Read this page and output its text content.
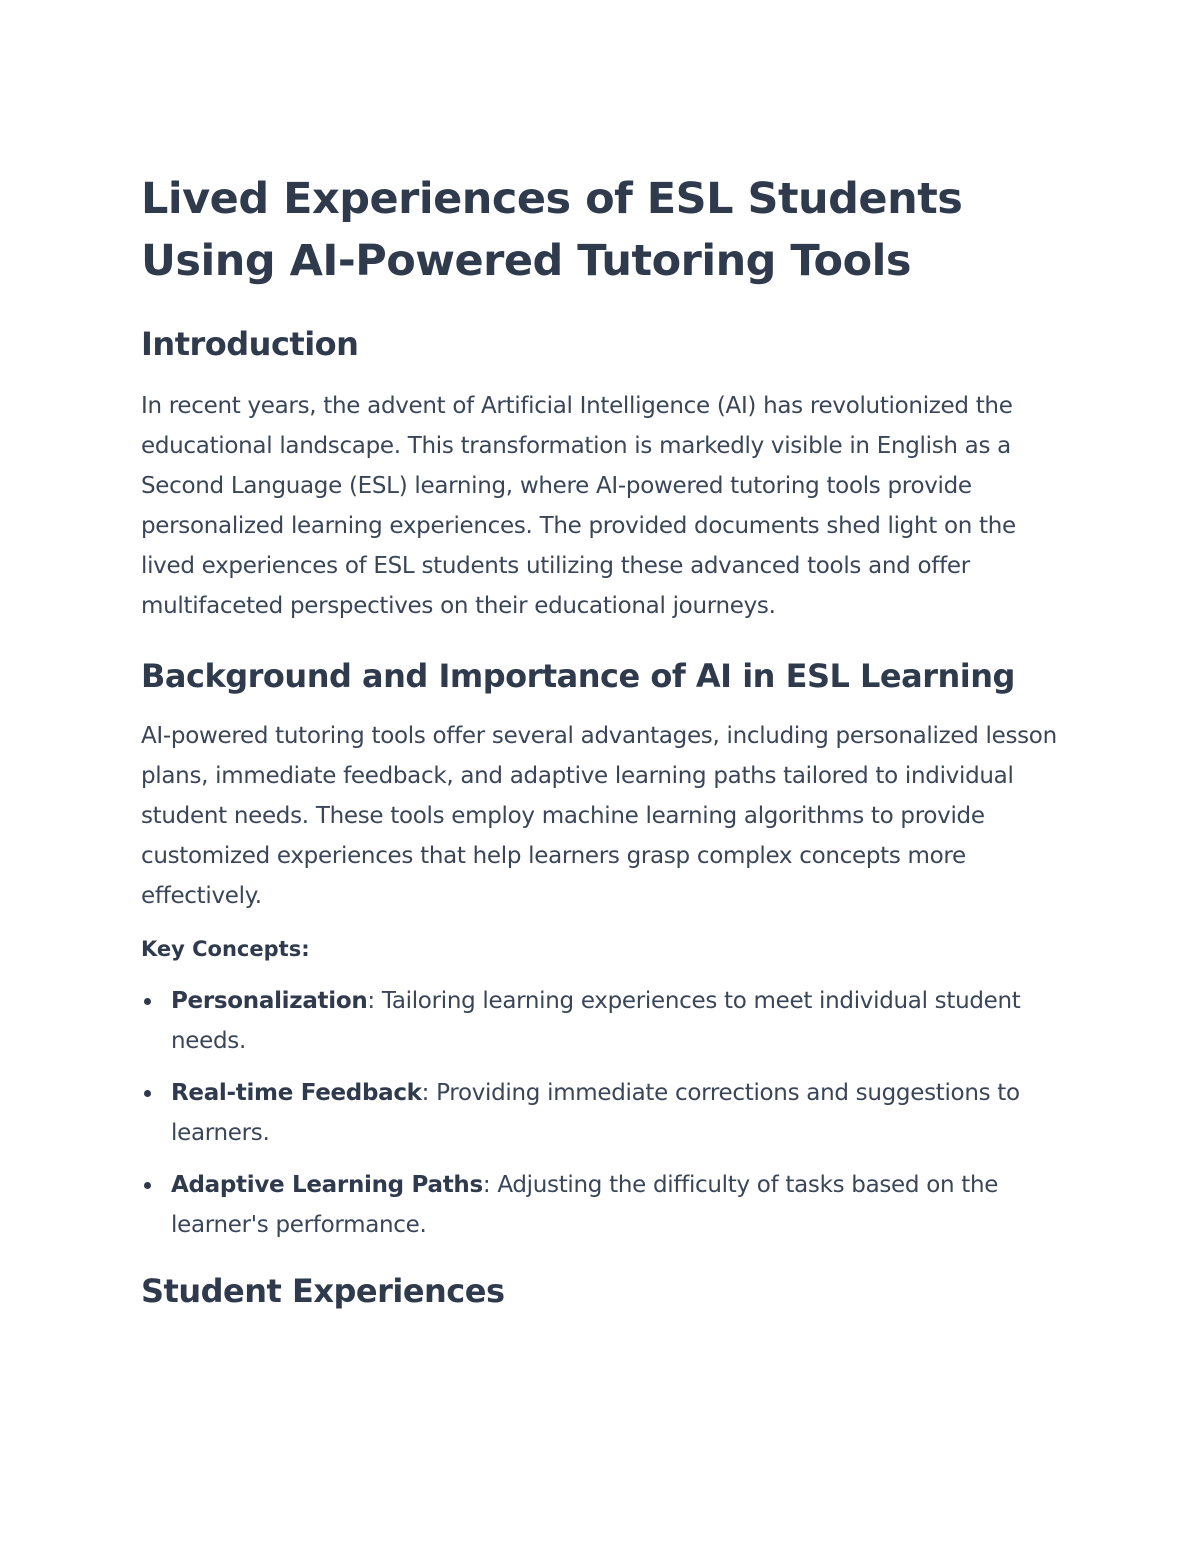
Lived Experiences of ESL Students Using AI-Powered Tutoring Tools
Introduction

In recent years, the advent of Artificial Intelligence (AI) has revolutionized the educational landscape. This transformation is markedly visible in English as a Second Language (ESL) learning, where AI-powered tutoring tools provide personalized learning experiences. The provided documents shed light on the lived experiences of ESL students utilizing these advanced tools and offer multifaceted perspectives on their educational journeys.

Background and Importance of AI in ESL Learning

AI-powered tutoring tools offer several advantages, including personalized lesson plans, immediate feedback, and adaptive learning paths tailored to individual student needs. These tools employ machine learning algorithms to provide customized experiences that help learners grasp complex concepts more effectively.

Key Concepts:
Personalization: Tailoring learning experiences to meet individual student needs.
Real-time Feedback: Providing immediate corrections and suggestions to learners.
Adaptive Learning Paths: Adjusting the difficulty of tasks based on the learner's performance.
Student Experiences
